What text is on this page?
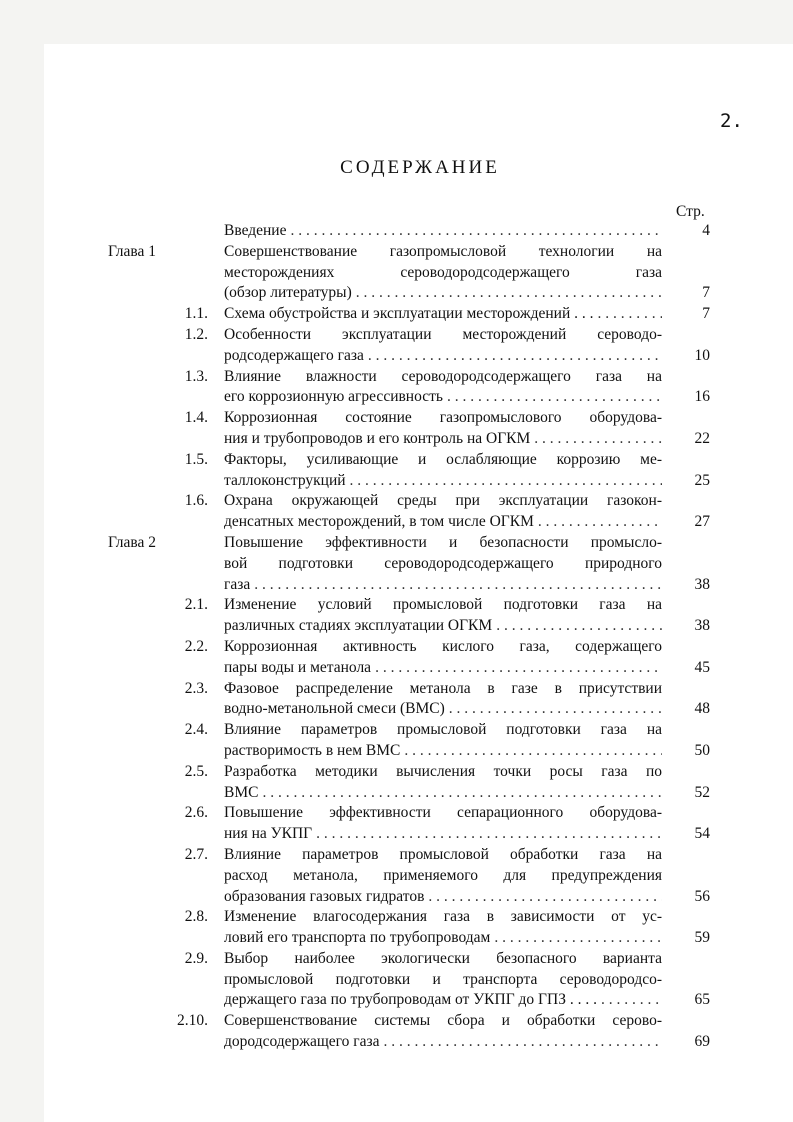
2.
СОДЕРЖАНИЕ
Стр.
Введение . . .	4
Глава 1	Совершенствование газопромысловой технологии на
месторождениях сероводородсодержащего газа
(обзор литературы) . . .	7
1.1. Схема обустройства и эксплуатации месторождений . . . . . .	7
1.2. Особенности эксплуатации месторождений сероводо-
родсодержащего газа . . .	10
1.3. Влияние влажности сероводородсодержащего газа на
его коррозионную агрессивность . . .	16
1.4. Коррозионная состояние газопромыслового оборудова-
ния и трубопроводов и его контроль на ОГКМ . . .	22
1.5. Факторы, усиливающие и ослабляющие коррозию ме-
таллоконструкций . . .	25
1.6. Охрана окружающей среды при эксплуатации газокон-
денсатных месторождений, в том числе ОГКМ . . .	27
Глава 2	Повышение эффективности и безопасности промысло-
вой подготовки сероводородсодержащего природного
газа . . .	38
2.1. Изменение условий промысловой подготовки газа на
различных стадиях эксплуатации ОГКМ . . .	38
2.2. Коррозионная активность кислого газа, содержащего
пары воды и метанола . . .	45
2.3. Фазовое распределение метанола в газе в присутствии
водно-метанольной смеси (ВМС) . . .	48
2.4. Влияние параметров промысловой подготовки газа на
растворимость в нем ВМС . . .	50
2.5. Разработка методики вычисления точки росы газа по
ВМС . . .	52
2.6. Повышение эффективности сепарационного оборудова-
ния на УКПГ . . .	54
2.7. Влияние параметров промысловой обработки газа на
расход метанола, применяемого для предупреждения
образования газовых гидратов . . .	56
2.8. Изменение влагосодержания газа в зависимости от ус-
ловий его транспорта по трубопроводам . . .	59
2.9. Выбор наиболее экологически безопасного варианта
промысловой подготовки и транспорта сероводородсо-
держащего газа по трубопроводам от УКПГ до ГПЗ . . . . . . .	65
2.10. Совершенствование системы сбора и обработки серово-
дородсодержащего газа . . .	69
